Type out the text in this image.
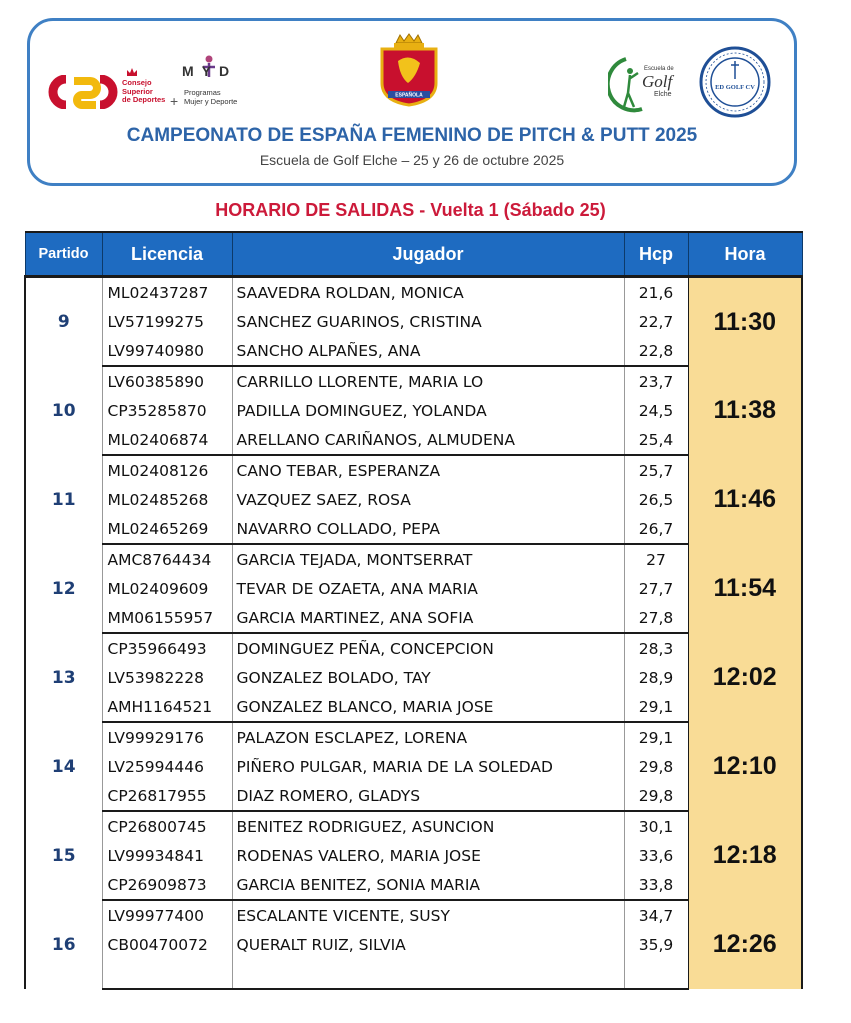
Consejo
Superior
de Deportes
MYD
+
Programas
Mujer y Deporte
ESPAÑOLA
Escuela de
Golf
Elche
ED GOLF CV
CAMPEONATO DE ESPAÑA FEMENINO DE PITCH & PUTT 2025
Escuela de Golf Elche – 25 y 26 de octubre 2025
HORARIO DE SALIDAS - Vuelta 1 (Sábado 25)
Partido	Licencia	Jugador	Hcp	Hora
9	ML02437287	SAAVEDRA ROLDAN, MONICA	21,6	11:30
	LV57199275	SANCHEZ GUARINOS, CRISTINA	22,7	
	LV99740980	SANCHO ALPAÑES, ANA	22,8	
10	LV60385890	CARRILLO LLORENTE, MARIA LO	23,7	11:38
	CP35285870	PADILLA DOMINGUEZ, YOLANDA	24,5	
	ML02406874	ARELLANO CARIÑANOS, ALMUDENA	25,4	
11	ML02408126	CANO TEBAR, ESPERANZA	25,7	11:46
	ML02485268	VAZQUEZ SAEZ, ROSA	26,5	
	ML02465269	NAVARRO COLLADO, PEPA	26,7	
12	AMC8764434	GARCIA TEJADA, MONTSERRAT	27	11:54
	ML02409609	TEVAR DE OZAETA, ANA MARIA	27,7	
	MM06155957	GARCIA MARTINEZ, ANA SOFIA	27,8	
13	CP35966493	DOMINGUEZ PEÑA, CONCEPCION	28,3	12:02
	LV53982228	GONZALEZ BOLADO, TAY	28,9	
	AMH1164521	GONZALEZ BLANCO, MARIA JOSE	29,1	
14	LV99929176	PALAZON ESCLAPEZ, LORENA	29,1	12:10
	LV25994446	PIÑERO PULGAR, MARIA DE LA SOLEDAD	29,8	
	CP26817955	DIAZ ROMERO, GLADYS	29,8	
15	CP26800745	BENITEZ RODRIGUEZ, ASUNCION	30,1	12:18
	LV99934841	RODENAS VALERO, MARIA JOSE	33,6	
	CP26909873	GARCIA BENITEZ, SONIA MARIA	33,8	
16	LV99977400	ESCALANTE VICENTE, SUSY	34,7	12:26
	CB00470072	QUERALT RUIZ, SILVIA	35,9	
